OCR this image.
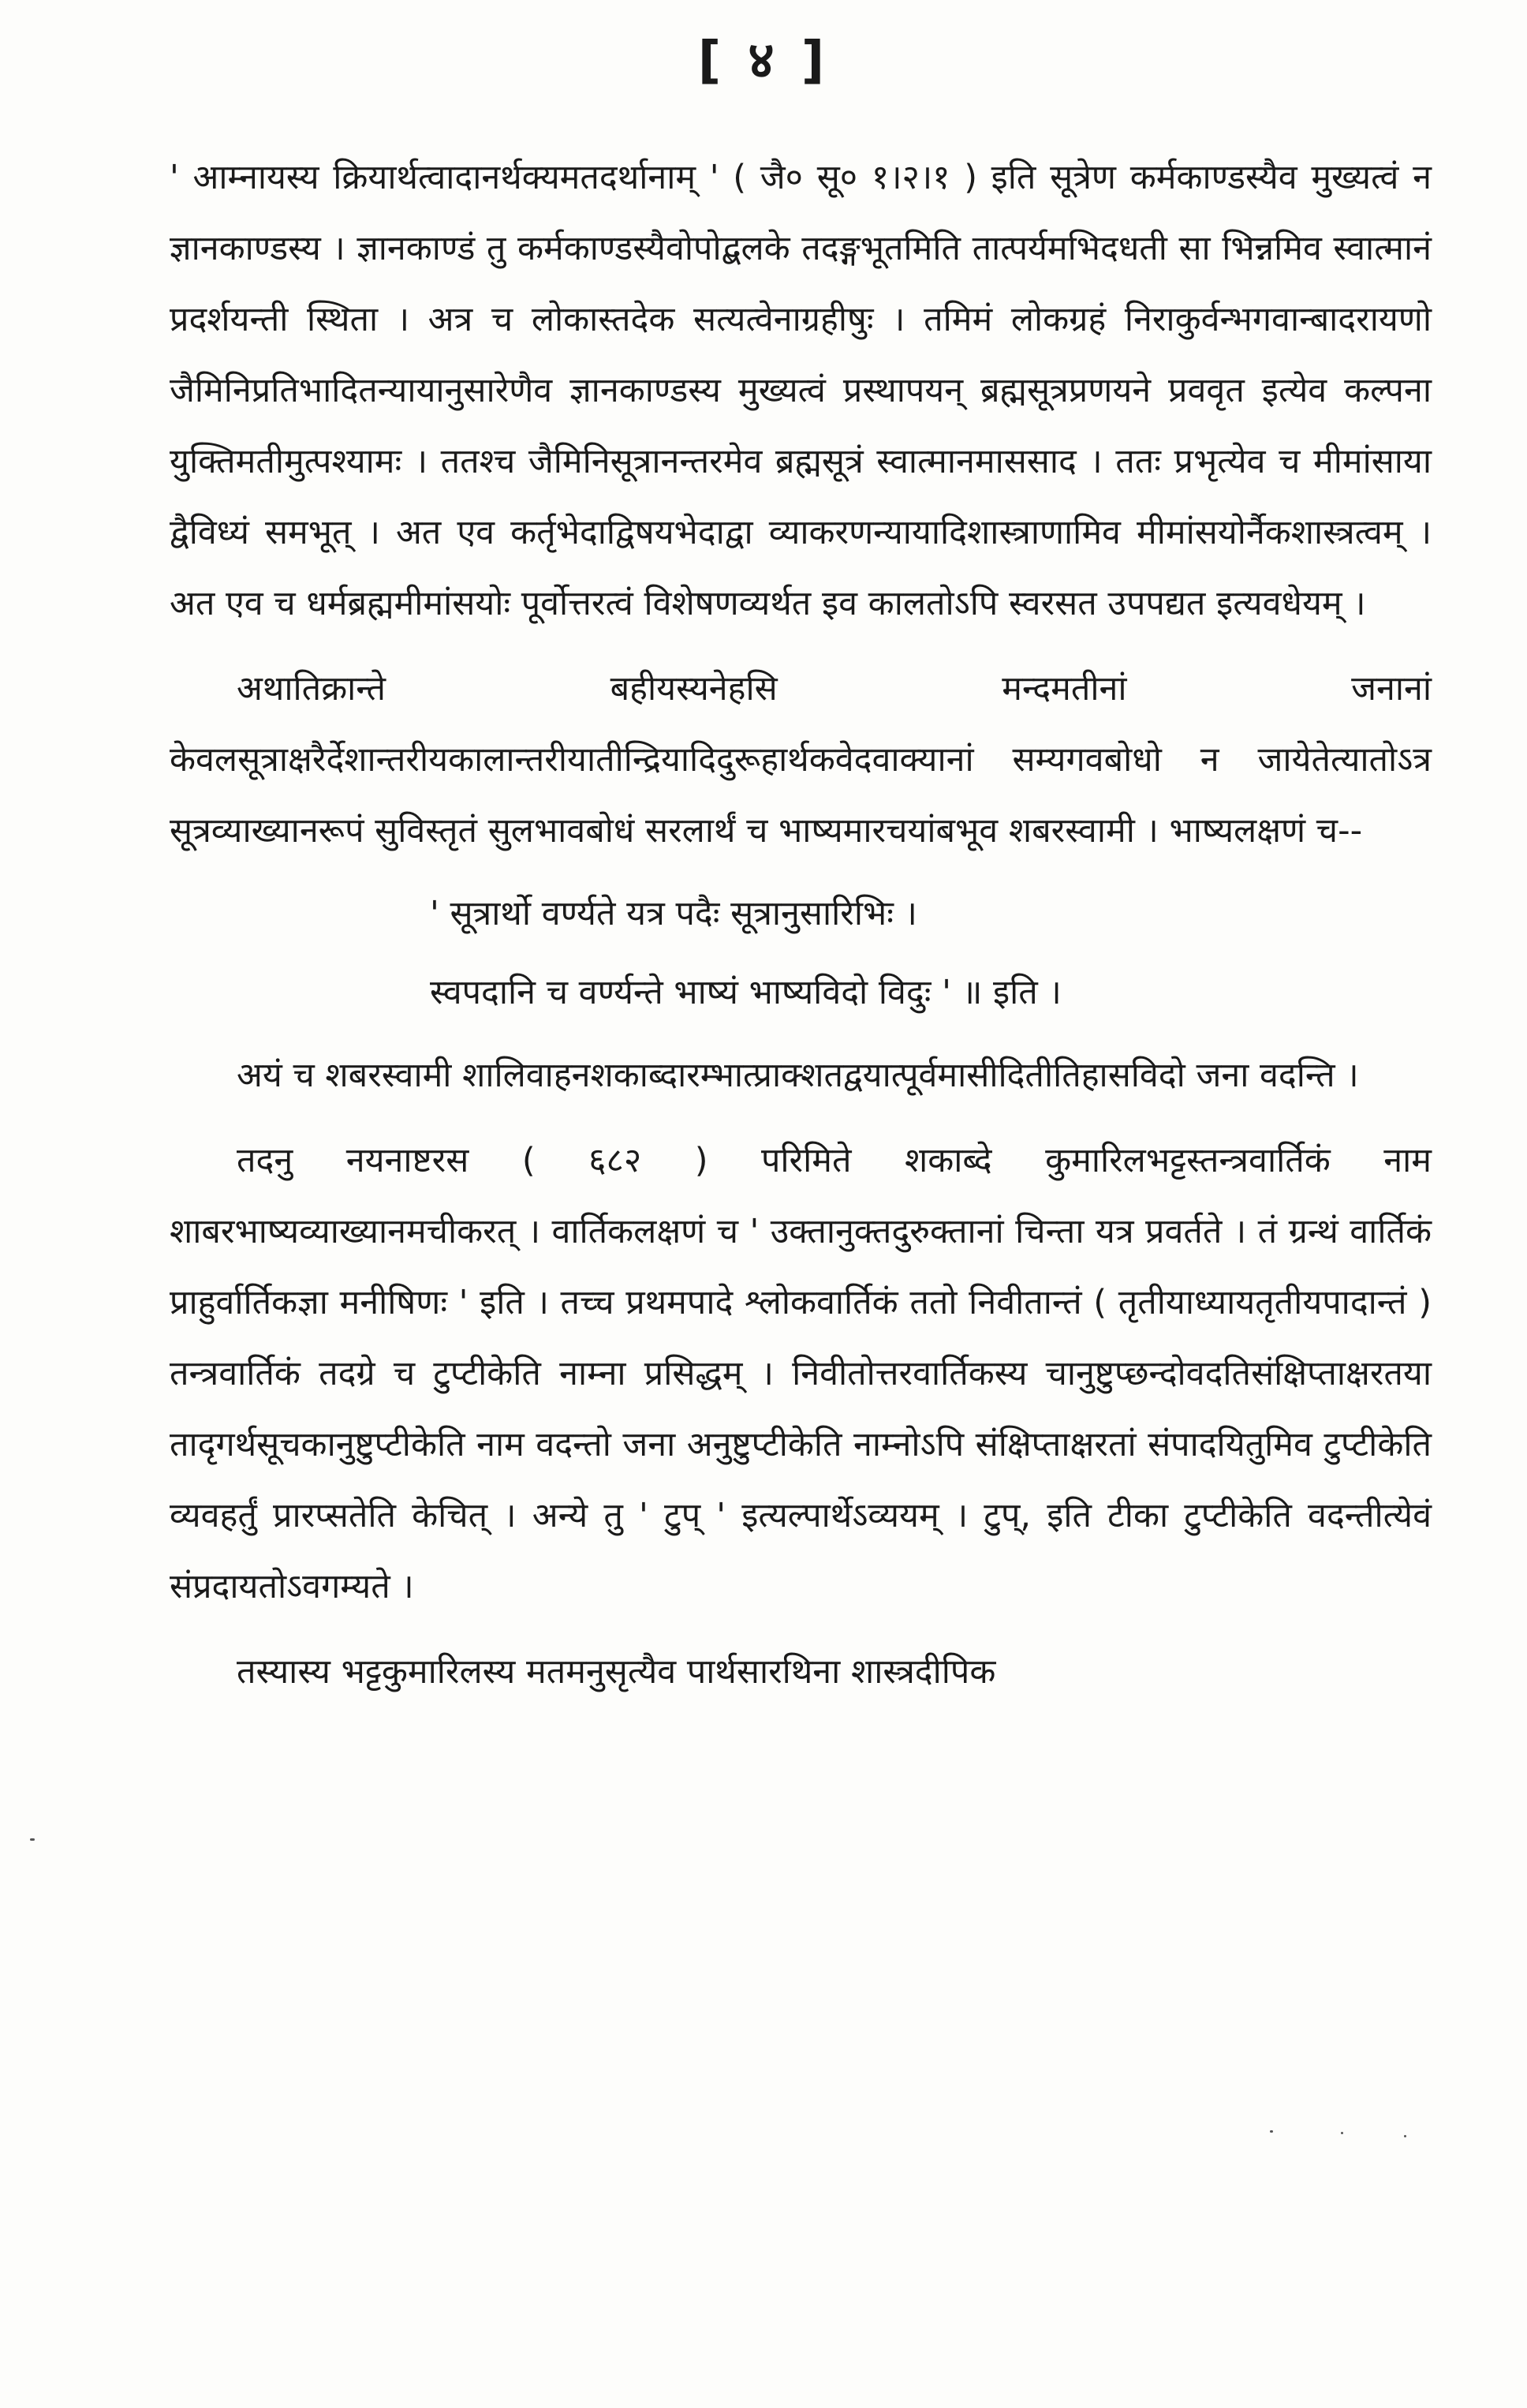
[ ४ ]

' आम्नायस्य क्रियार्थत्वादानर्थक्यमतदर्थानाम् ' ( जै० सू० १।२।१ ) इति सूत्रेण कर्मकाण्डस्यैव मुख्यत्वं न ज्ञानकाण्डस्य । ज्ञानकाण्डं तु कर्मकाण्डस्यैवोपोद्बलके तदङ्गभूतमिति तात्पर्यमभिदधती सा भिन्नमिव स्वात्मानं प्रदर्शयन्ती स्थिता । अत्र च लोकास्तदेक सत्यत्वेनाग्रहीषुः । तमिमं लोकग्रहं निराकुर्वन्भगवान्बादरायणो जैमिनिप्रतिभादितन्यायानुसारेणैव ज्ञानकाण्डस्य मुख्यत्वं प्रस्थापयन् ब्रह्मसूत्रप्रणयने प्रववृत इत्येव कल्पना युक्तिमतीमुत्पश्यामः । ततश्च जैमिनिसूत्रानन्तरमेव ब्रह्मसूत्रं स्वात्मानमाससाद । ततः प्रभृत्येव च मीमांसाया द्वैविध्यं समभूत् । अत एव कर्तृभेदाद्विषयभेदाद्वा व्याकरणन्यायादिशास्त्राणामिव मीमांसयोर्नैकशास्त्रत्वम् । अत एव च धर्मब्रह्ममीमांसयोः पूर्वोत्तरत्वं विशेषणव्यर्थत इव कालतोऽपि स्वरसत उपपद्यत इत्यवधेयम् ।

अथातिक्रान्ते बहीयस्यनेहसि मन्दमतीनां जनानां केवलसूत्राक्षरैर्देशान्तरीयकालान्तरीयातीन्द्रियादिदुरूहार्थकवेदवाक्यानां सम्यगवबोधो न जायेतेत्यातोऽत्र सूत्रव्याख्यानरूपं सुविस्तृतं सुलभावबोधं सरलार्थं च भाष्यमारचयांबभूव शबरस्वामी । भाष्यलक्षणं च--

' सूत्रार्थो वर्ण्यते यत्र पदैः सूत्रानुसारिभिः ।
स्वपदानि च वर्ण्यन्ते भाष्यं भाष्यविदो विदुः ' ॥ इति ।

अयं च शबरस्वामी शालिवाहनशकाब्दारम्भात्प्राक्शतद्वयात्पूर्वमासीदितीतिहासविदो जना वदन्ति ।

तदनु नयनाष्टरस ( ६८२ ) परिमिते शकाब्दे कुमारिलभट्टस्तन्त्रवार्तिकं नाम शाबरभाष्यव्याख्यानमचीकरत् । वार्तिकलक्षणं च ' उक्तानुक्तदुरुक्तानां चिन्ता यत्र प्रवर्तते । तं ग्रन्थं वार्तिकं प्राहुर्वार्तिकज्ञा मनीषिणः ' इति । तच्च प्रथमपादे श्लोकवार्तिकं ततो निवीतान्तं ( तृतीयाध्यायतृतीयपादान्तं ) तन्त्रवार्तिकं तदग्रे च टुप्टीकेति नाम्ना प्रसिद्धम् । निवीतोत्तरवार्तिकस्य चानुष्टुप्छन्दोवदतिसंक्षिप्ताक्षरतया तादृगर्थसूचकानुष्टुप्टीकेति नाम वदन्तो जना अनुष्टुप्टीकेति नाम्नोऽपि संक्षिप्ताक्षरतां संपादयितुमिव टुप्टीकेति व्यवहर्तुं प्रारप्सतेति केचित् । अन्ये तु ' टुप् ' इत्यल्पार्थेऽव्ययम् । टुप्, इति टीका टुप्टीकेति वदन्तीत्येवं संप्रदायतोऽवगम्यते ।

तस्यास्य भट्टकुमारिलस्य मतमनुसृत्यैव पार्थसारथिना शास्त्रदीपिक
